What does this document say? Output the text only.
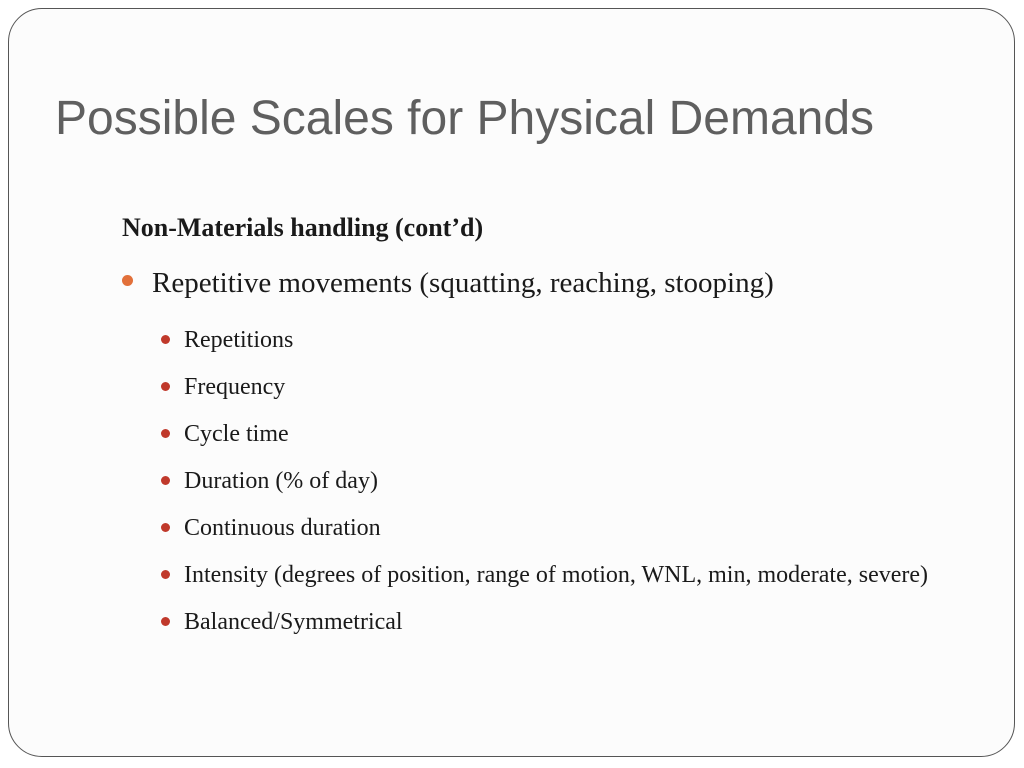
Possible Scales for Physical Demands
Non-Materials handling (cont’d)
Repetitive movements (squatting, reaching, stooping)
Repetitions
Frequency
Cycle time
Duration (% of day)
Continuous duration
Intensity (degrees of position, range of motion, WNL, min, moderate, severe)
Balanced/Symmetrical
